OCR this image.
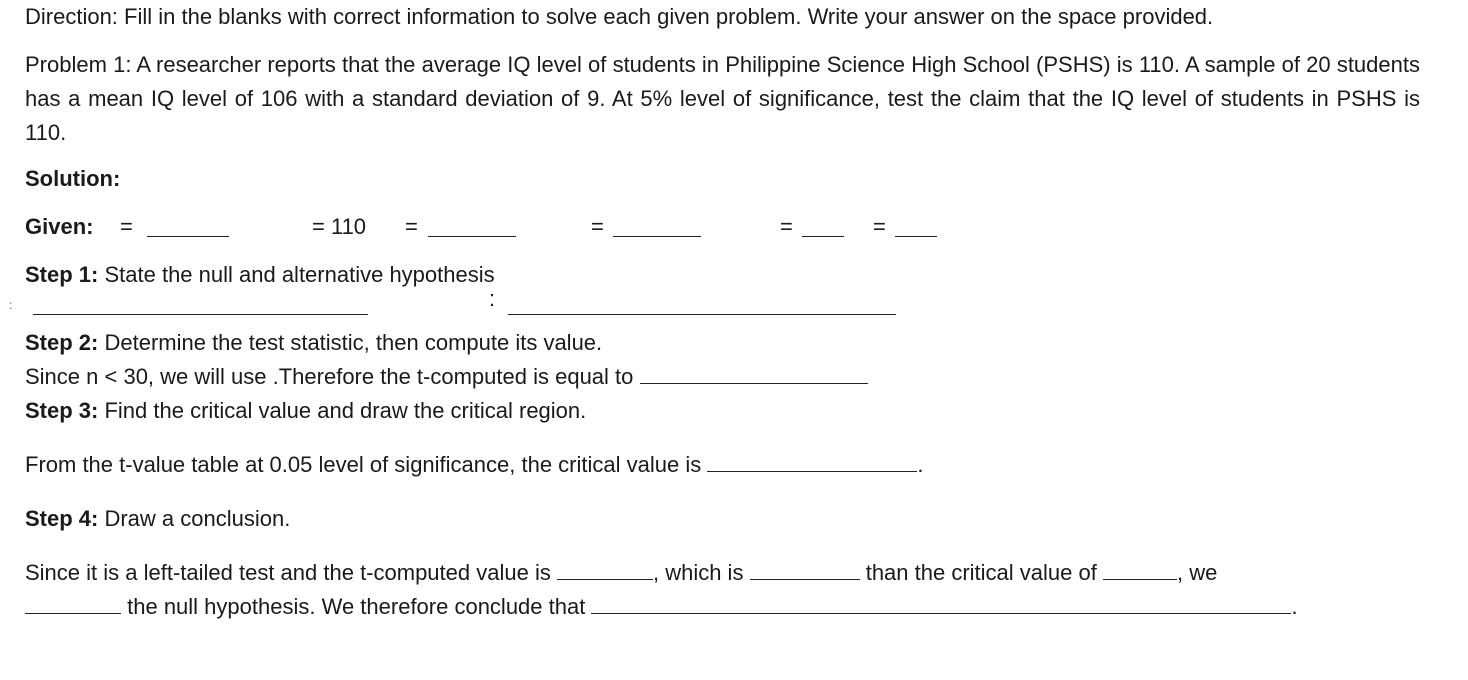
Direction: Fill in the blanks with correct information to solve each given problem. Write your answer on the space provided.

Problem 1: A researcher reports that the average IQ level of students in Philippine Science High School (PSHS) is 110. A sample of 20 students has a mean IQ level of 106 with a standard deviation of 9. At 5% level of significance, test the claim that the IQ level of students in PSHS is 110.

Solution:

Given: =	= 110 =	=	=	=

Step 1: State the null and alternative hypothesis

:	:

Step 2: Determine the test statistic, then compute its value.

Since n < 30, we will use .Therefore the t-computed is equal to

Step 3: Find the critical value and draw the critical region.

From the t-value table at 0.05 level of significance, the critical value is	.

Step 4: Draw a conclusion.

Since it is a left-tailed test and the t-computed value is	, which is	than the critical value of	, we

the null hypothesis. We therefore conclude that	.
